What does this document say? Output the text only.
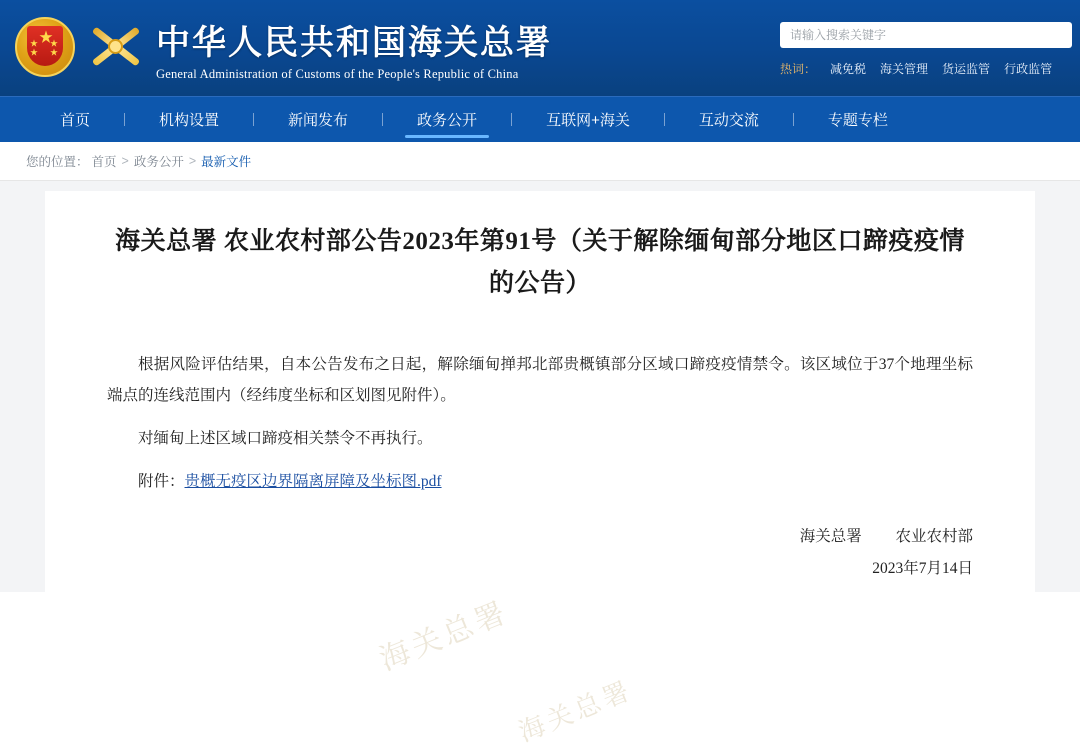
★
★
★
★
★	中华人民共和国海关总署
General Administration of Customs of the People's Republic of China
请输入搜索关键字	热词： 减免税 海关管理 货运监管 行政监管
首页	机构设置	新闻发布	政务公开	互联网+海关	互动交流	专题专栏
您的位置： 首页 > 政务公开 > 最新文件
海关总署
海关总署
海关总署 农业农村部公告2023年第91号（关于解除缅甸部分地区口蹄疫疫情的公告）

根据风险评估结果，自本公告发布之日起，解除缅甸掸邦北部贵概镇部分区域口蹄疫疫情禁令。该区域位于37个地理坐标端点的连线范围内（经纬度坐标和区划图见附件）。

对缅甸上述区域口蹄疫相关禁令不再执行。

附件：贵概无疫区边界隔离屏障及坐标图.pdf
海关总署 农业农村部
2023年7月14日
